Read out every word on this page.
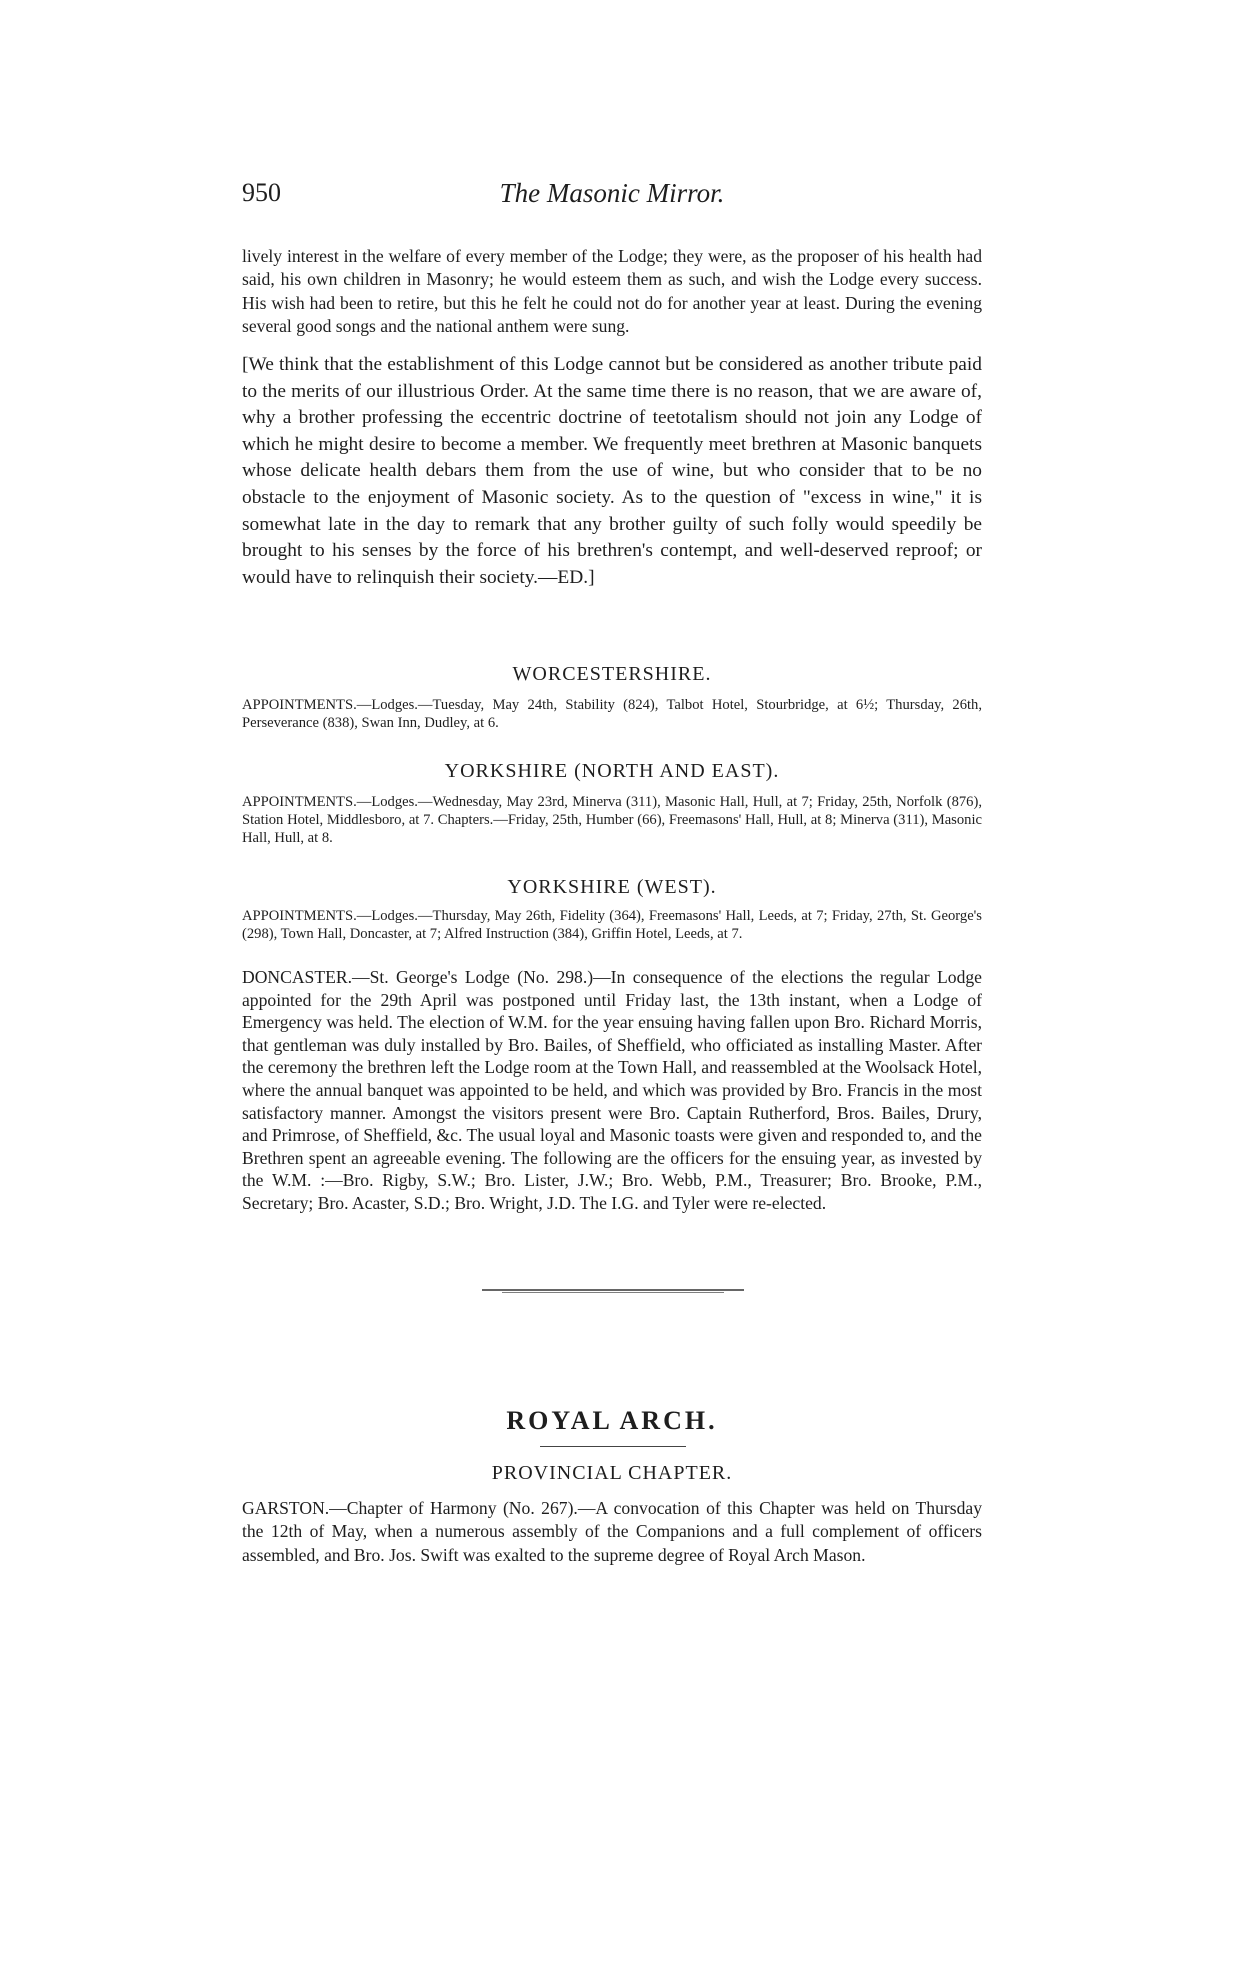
950	The Masonic Mirror.

lively interest in the welfare of every member of the Lodge; they were, as the proposer of his health had said, his own children in Masonry; he would esteem them as such, and wish the Lodge every success. His wish had been to retire, but this he felt he could not do for another year at least. During the evening several good songs and the national anthem were sung.

[We think that the establishment of this Lodge cannot but be considered as another tribute paid to the merits of our illustrious Order. At the same time there is no reason, that we are aware of, why a brother professing the eccentric doctrine of teetotalism should not join any Lodge of which he might desire to become a member. We frequently meet brethren at Masonic banquets whose delicate health debars them from the use of wine, but who consider that to be no obstacle to the enjoyment of Masonic society. As to the question of "excess in wine," it is somewhat late in the day to remark that any brother guilty of such folly would speedily be brought to his senses by the force of his brethren's contempt, and well-deserved reproof; or would have to relinquish their society.—ED.]

WORCESTERSHIRE.

APPOINTMENTS.—Lodges.—Tuesday, May 24th, Stability (824), Talbot Hotel, Stourbridge, at 6½; Thursday, 26th, Perseverance (838), Swan Inn, Dudley, at 6.

YORKSHIRE (NORTH AND EAST).

APPOINTMENTS.—Lodges.—Wednesday, May 23rd, Minerva (311), Masonic Hall, Hull, at 7; Friday, 25th, Norfolk (876), Station Hotel, Middlesboro, at 7. Chapters.—Friday, 25th, Humber (66), Freemasons' Hall, Hull, at 8; Minerva (311), Masonic Hall, Hull, at 8.

YORKSHIRE (WEST).

APPOINTMENTS.—Lodges.—Thursday, May 26th, Fidelity (364), Freemasons' Hall, Leeds, at 7; Friday, 27th, St. George's (298), Town Hall, Doncaster, at 7; Alfred Instruction (384), Griffin Hotel, Leeds, at 7.

DONCASTER.—St. George's Lodge (No. 298.)—In consequence of the elections the regular Lodge appointed for the 29th April was postponed until Friday last, the 13th instant, when a Lodge of Emergency was held. The election of W.M. for the year ensuing having fallen upon Bro. Richard Morris, that gentleman was duly installed by Bro. Bailes, of Sheffield, who officiated as installing Master. After the ceremony the brethren left the Lodge room at the Town Hall, and reassembled at the Woolsack Hotel, where the annual banquet was appointed to be held, and which was provided by Bro. Francis in the most satisfactory manner. Amongst the visitors present were Bro. Captain Rutherford, Bros. Bailes, Drury, and Primrose, of Sheffield, &c. The usual loyal and Masonic toasts were given and responded to, and the Brethren spent an agreeable evening. The following are the officers for the ensuing year, as invested by the W.M. :—Bro. Rigby, S.W.; Bro. Lister, J.W.; Bro. Webb, P.M., Treasurer; Bro. Brooke, P.M., Secretary; Bro. Acaster, S.D.; Bro. Wright, J.D. The I.G. and Tyler were re-elected.

ROYAL ARCH.
PROVINCIAL CHAPTER.

GARSTON.—Chapter of Harmony (No. 267).—A convocation of this Chapter was held on Thursday the 12th of May, when a numerous assembly of the Companions and a full complement of officers assembled, and Bro. Jos. Swift was exalted to the supreme degree of Royal Arch Mason.
